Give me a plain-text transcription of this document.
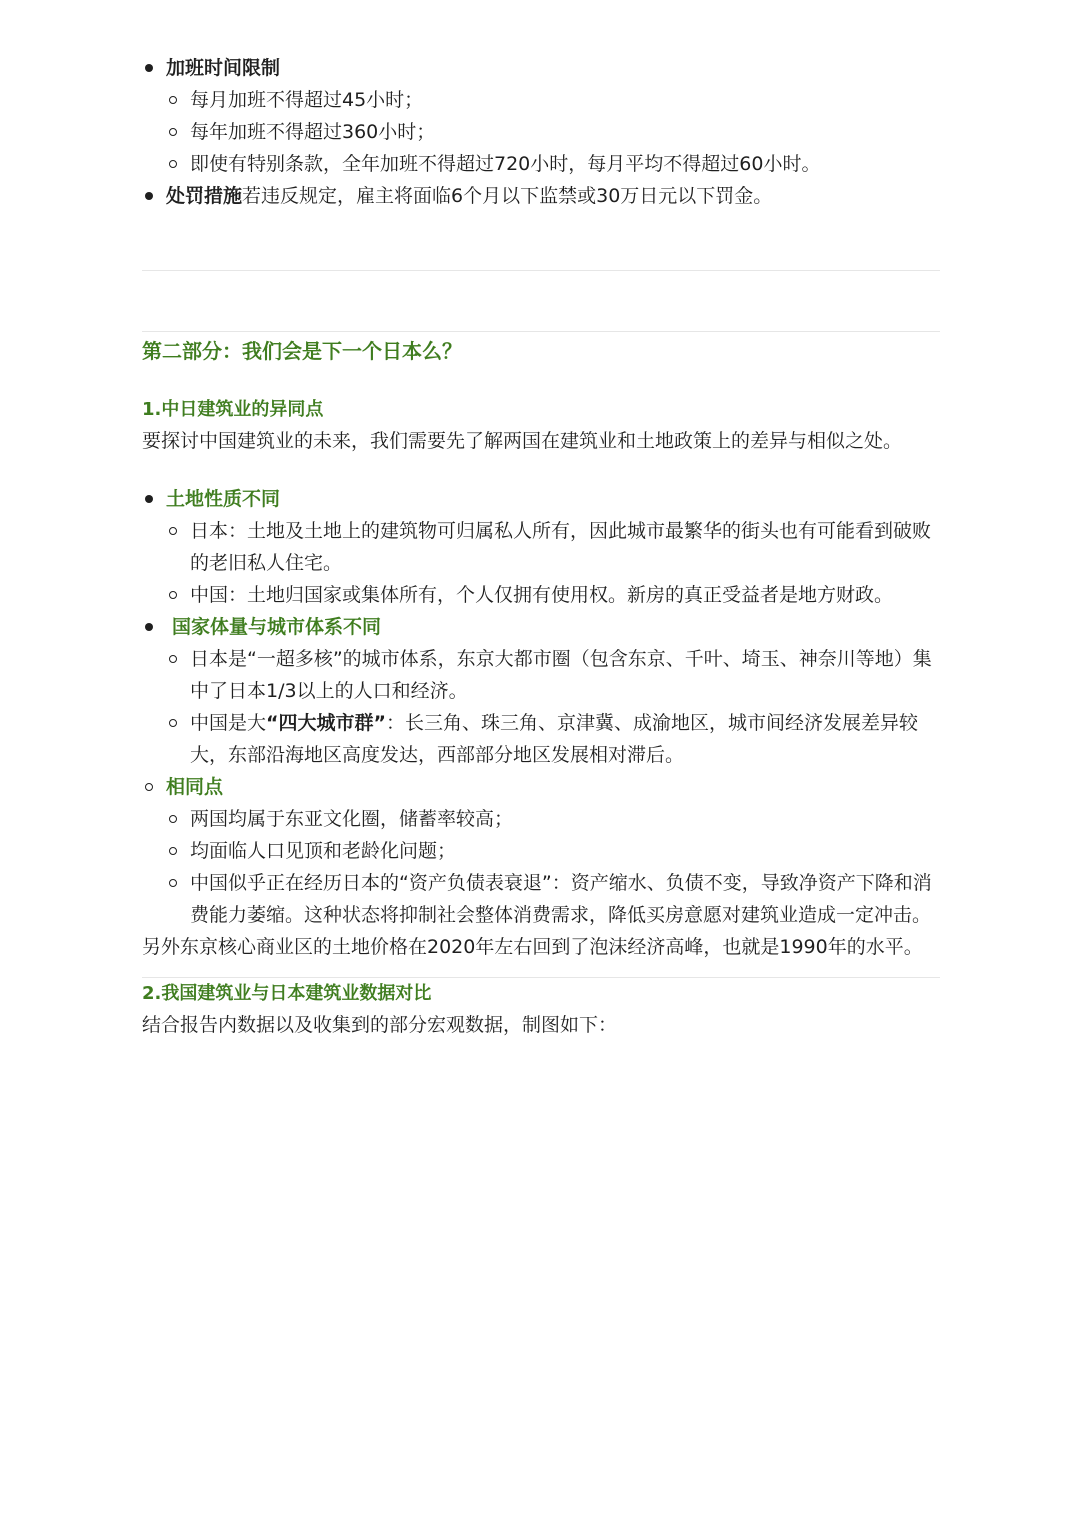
加班时间限制
每月加班不得超过45小时；
每年加班不得超过360小时；
即使有特别条款，全年加班不得超过720小时，每月平均不得超过60小时。
处罚措施若违反规定，雇主将面临6个月以下监禁或30万日元以下罚金。
第二部分：我们会是下一个日本么？
1.中日建筑业的异同点

要探讨中国建筑业的未来，我们需要先了解两国在建筑业和土地政策上的差异与相似之处。

土地性质不同
日本：土地及土地上的建筑物可归属私人所有，因此城市最繁华的街头也有可能看到破败的老旧私人住宅。
中国：土地归国家或集体所有，个人仅拥有使用权。新房的真正受益者是地方财政。
国家体量与城市体系不同
日本是“一超多核”的城市体系，东京大都市圈（包含东京、千叶、埼玉、神奈川等地）集中了日本1/3以上的人口和经济。
中国是大“四大城市群”：长三角、珠三角、京津冀、成渝地区，城市间经济发展差异较大，东部沿海地区高度发达，西部部分地区发展相对滞后。
相同点
两国均属于东亚文化圈，储蓄率较高；
均面临人口见顶和老龄化问题；
中国似乎正在经历日本的“资产负债表衰退”：资产缩水、负债不变，导致净资产下降和消费能力萎缩。这种状态将抑制社会整体消费需求，降低买房意愿对建筑业造成一定冲击。

另外东京核心商业区的土地价格在2020年左右回到了泡沫经济高峰，也就是1990年的水平。

2.我国建筑业与日本建筑业数据对比

结合报告内数据以及收集到的部分宏观数据，制图如下：
